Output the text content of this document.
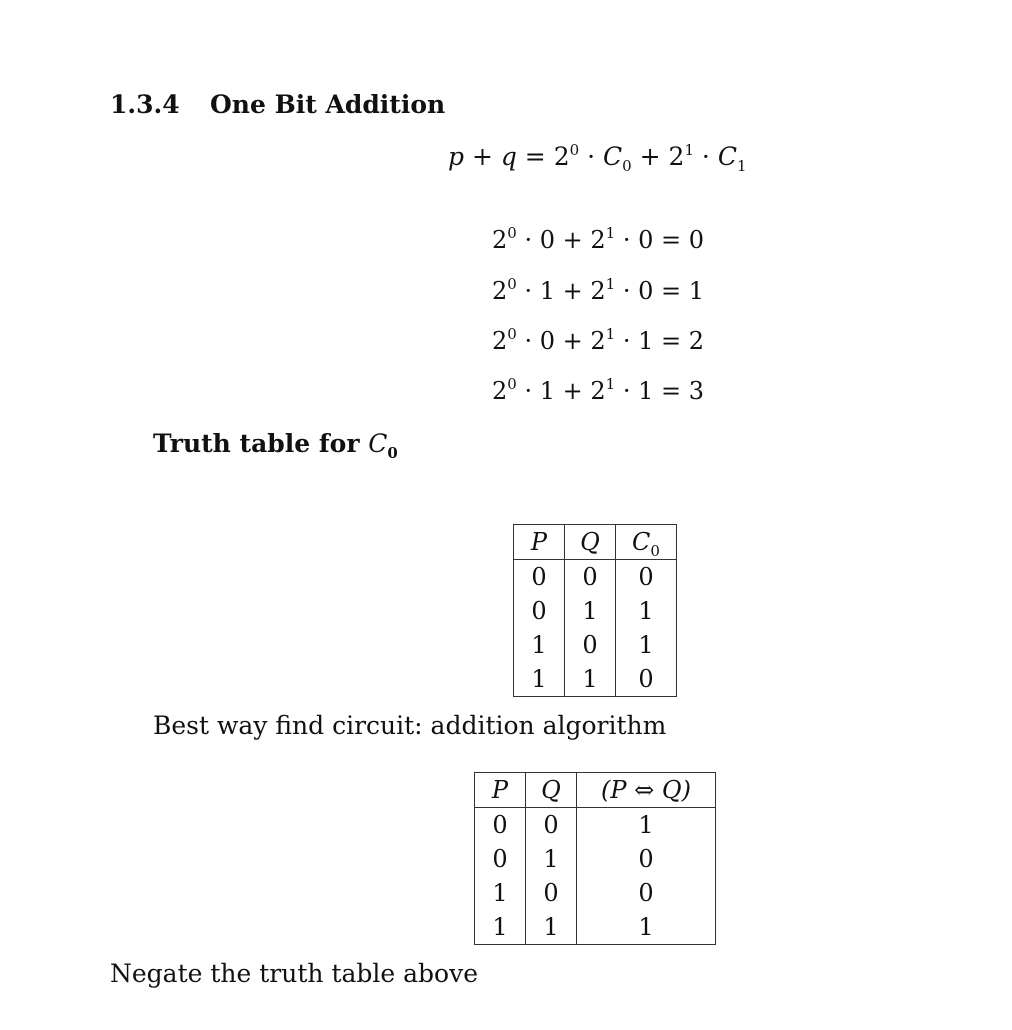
1.3.4 One Bit Addition
$p + q = 2^0 \cdot C_0 + 2^1 \cdot C_1$
$2^0 \cdot 0 + 2^1 \cdot 0 = 0$
$2^0 \cdot 1 + 2^1 \cdot 0 = 1$
$2^0 \cdot 0 + 2^1 \cdot 1 = 2$
$2^0 \cdot 1 + 2^1 \cdot 1 = 3$
Truth table for $C_0$
P	Q	$C_0$
0	0	0
0	1	1
1	0	1
1	1	0
Best way find circuit: addition algorithm
P	Q	(P ⇔ Q)
0	0	1
0	1	0
1	0	0
1	1	1
Negate the truth table above
